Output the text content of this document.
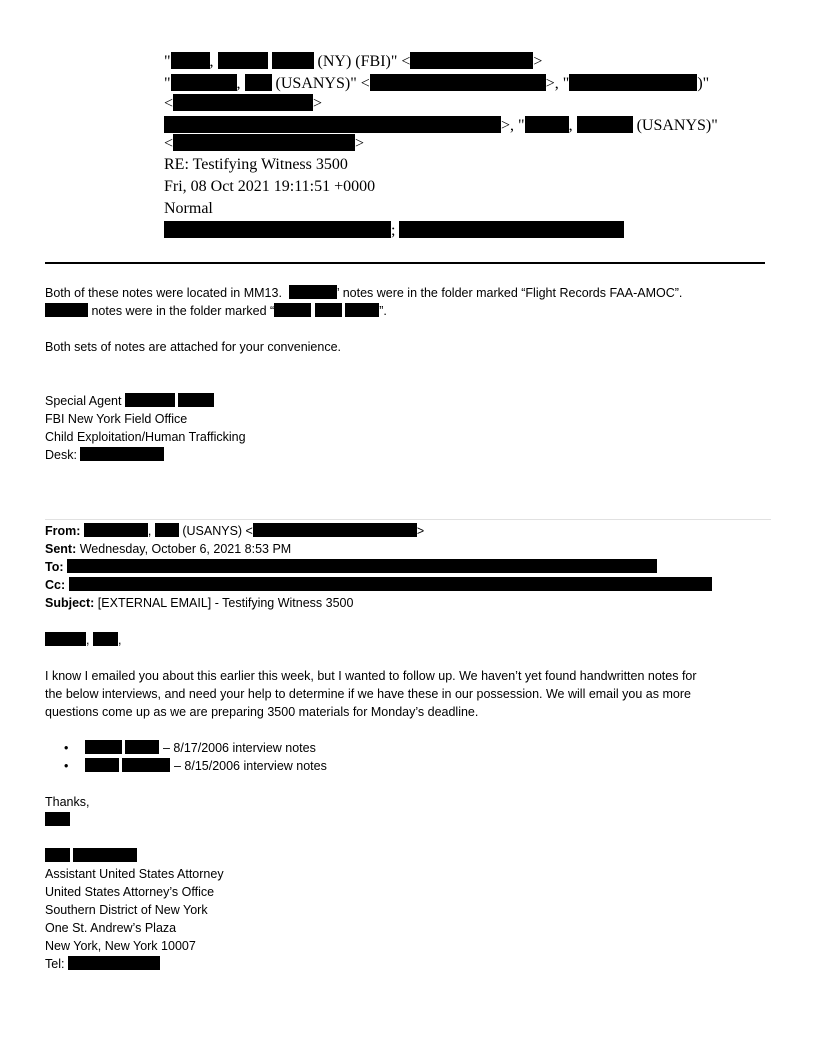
" ,	(NY) (FBI)" <	>
"	, (USANYS)" <	>, "	)"
<	>
>, "	,	(USANYS)"
<	>
RE: Testifying Witness 3500
Fri, 08 Oct 2021 19:11:51 +0000
Normal
;
Both of these notes were located in MM13.	’ notes were in the folder marked “Flight Records FAA-AMOC”.
notes were in the folder marked “	”.
Both sets of notes are attached for your convenience.
Special Agent
FBI New York Field Office
Child Exploitation/Human Trafficking
Desk:
From:	, (USANYS) <	>
Sent: Wednesday, October 6, 2021 8:53 PM
To:
Cc:
Subject: [EXTERNAL EMAIL] - Testifying Witness 3500
, ,
I know I emailed you about this earlier this week, but I wanted to follow up. We haven’t yet found handwritten notes for
the below interviews, and need your help to determine if we have these in our possession. We will email you as more
questions come up as we are preparing 3500 materials for Monday’s deadline.
•	– 8/17/2006 interview notes
•	– 8/15/2006 interview notes
Thanks,

Assistant United States Attorney
United States Attorney’s Office
Southern District of New York
One St. Andrew’s Plaza
New York, New York 10007
Tel:
